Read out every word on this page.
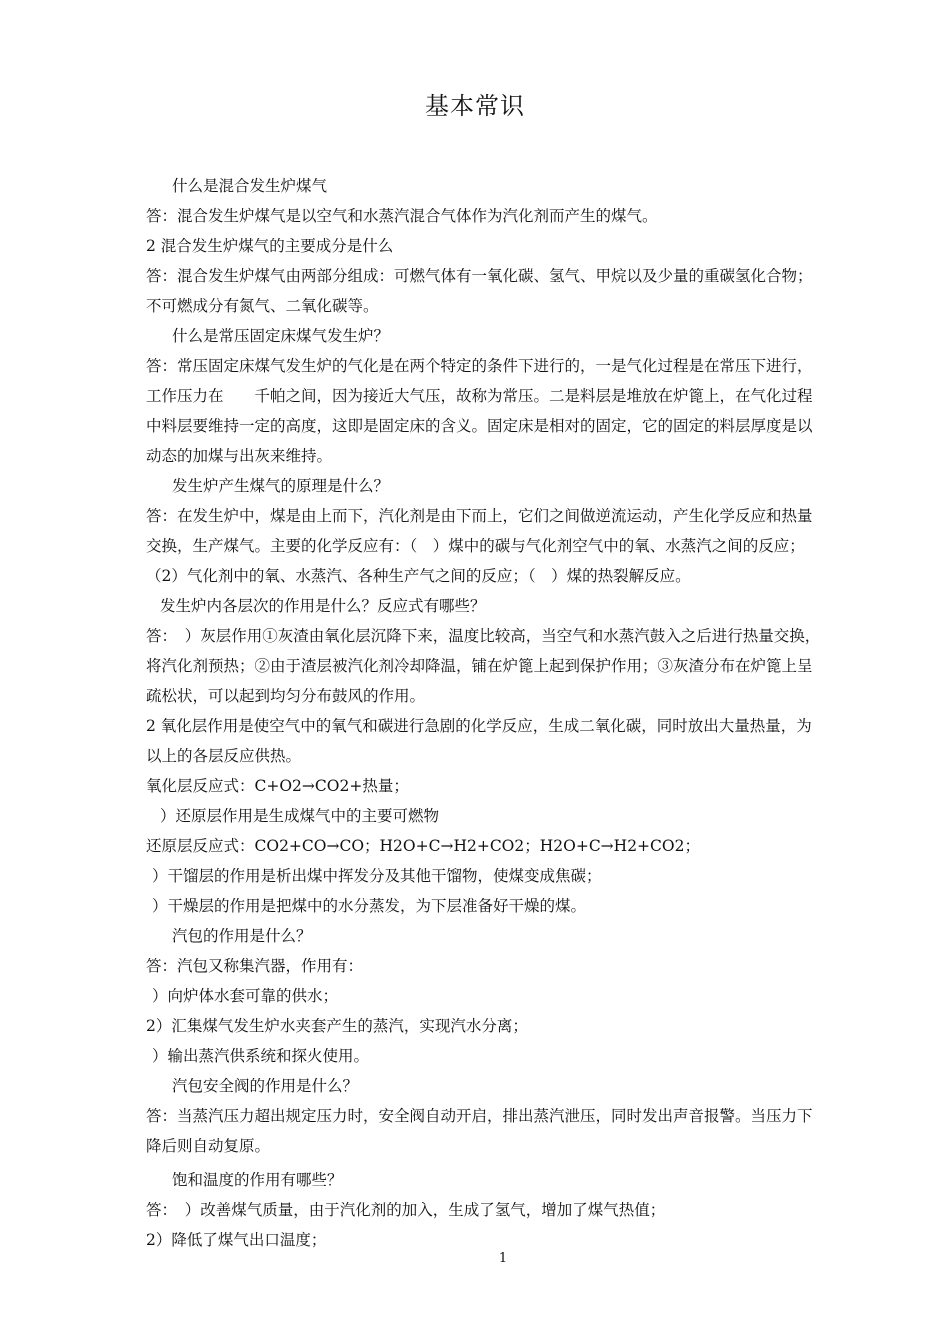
基本常识
什么是混合发生炉煤气
答：混合发生炉煤气是以空气和水蒸汽混合气体作为汽化剂而产生的煤气。
2 混合发生炉煤气的主要成分是什么
答：混合发生炉煤气由两部分组成：可燃气体有一氧化碳、氢气、甲烷以及少量的重碳氢化合物；
不可燃成分有氮气、二氧化碳等。
什么是常压固定床煤气发生炉？
答：常压固定床煤气发生炉的气化是在两个特定的条件下进行的，一是气化过程是在常压下进行，
工作压力在　　千帕之间，因为接近大气压，故称为常压。二是料层是堆放在炉篦上，在气化过程
中料层要维持一定的高度，这即是固定床的含义。固定床是相对的固定，它的固定的料层厚度是以
动态的加煤与出灰来维持。
发生炉产生煤气的原理是什么？
答：在发生炉中，煤是由上而下，汽化剂是由下而上，它们之间做逆流运动，产生化学反应和热量
交换，生产煤气。主要的化学反应有：（　）煤中的碳与气化剂空气中的氧、水蒸汽之间的反应；
（2）气化剂中的氧、水蒸汽、各种生产气之间的反应；（　）煤的热裂解反应。
发生炉内各层次的作用是什么？反应式有哪些？
答：　）灰层作用①灰渣由氧化层沉降下来，温度比较高，当空气和水蒸汽鼓入之后进行热量交换，
将汽化剂预热；②由于渣层被汽化剂冷却降温，铺在炉篦上起到保护作用；③灰渣分布在炉篦上呈
疏松状，可以起到均匀分布鼓风的作用。
2 氧化层作用是使空气中的氧气和碳进行急剧的化学反应，生成二氧化碳，同时放出大量热量，为
以上的各层反应供热。
氧化层反应式：C+O2→CO2+热量；
）还原层作用是生成煤气中的主要可燃物
还原层反应式：CO2+CO→CO；H2O+C→H2+CO2；H2O+C→H2+CO2；
）干馏层的作用是析出煤中挥发分及其他干馏物，使煤变成焦碳；
）干燥层的作用是把煤中的水分蒸发，为下层准备好干燥的煤。
汽包的作用是什么？
答：汽包又称集汽器，作用有：
）向炉体水套可靠的供水；
2）汇集煤气发生炉水夹套产生的蒸汽，实现汽水分离；
）输出蒸汽供系统和探火使用。
汽包安全阀的作用是什么？
答：当蒸汽压力超出规定压力时，安全阀自动开启，排出蒸汽泄压，同时发出声音报警。当压力下
降后则自动复原。
饱和温度的作用有哪些？
答：　）改善煤气质量，由于汽化剂的加入，生成了氢气，增加了煤气热值；
2）降低了煤气出口温度；
1
